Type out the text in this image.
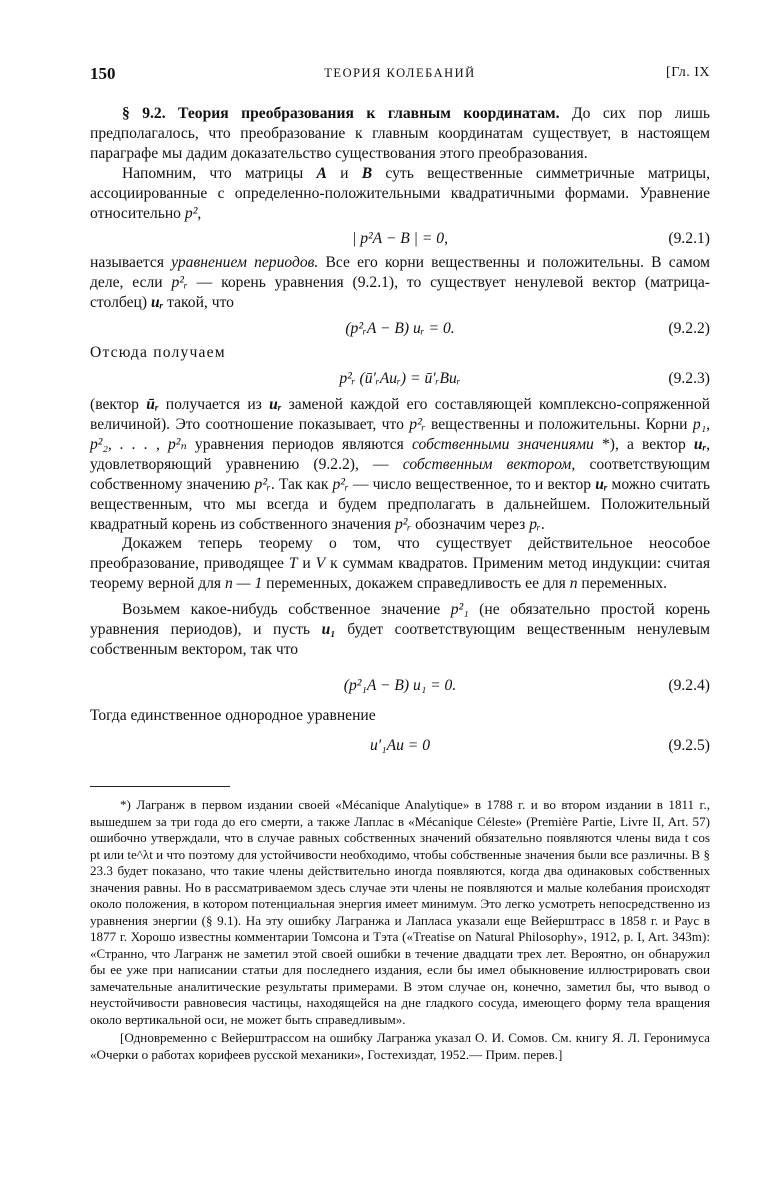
150	ТЕОРИЯ КОЛЕБАНИЙ	[Гл. IX

§ 9.2. Теория преобразования к главным координатам. До сих пор лишь предполагалось, что преобразование к главным координатам существует, в настоящем параграфе мы дадим доказательство существования этого преобразования.

Напомним, что матрицы A и B суть вещественные симметричные матрицы, ассоциированные с определенно-положительными квадратичными формами. Уравнение относительно p²,

| p²A − B | = 0,	(9.2.1)

называется уравнением периодов. Все его корни вещественны и положительны. В самом деле, если p²ᵣ — корень уравнения (9.2.1), то существует ненулевой вектор (матрица-столбец) uᵣ такой, что

(p²ᵣA − B) uᵣ = 0.	(9.2.2)

Отсюда получаем

p²ᵣ (ū′ᵣAuᵣ) = ū′ᵣBuᵣ	(9.2.3)

(вектор ūᵣ получается из uᵣ заменой каждой его составляющей комплексно-сопряженной величиной). Это соотношение показывает, что p²ᵣ вещественны и положительны. Корни p₁, p²₂, . . . , p²ₙ уравнения периодов являются собственными значениями *), а вектор uᵣ, удовлетворяющий уравнению (9.2.2), — собственным вектором, соответствующим собственному значению p²ᵣ. Так как p²ᵣ — число вещественное, то и вектор uᵣ можно считать вещественным, что мы всегда и будем предполагать в дальнейшем. Положительный квадратный корень из собственного значения p²ᵣ обозначим через pᵣ.

Докажем теперь теорему о том, что существует действительное неособое преобразование, приводящее T и V к суммам квадратов. Применим метод индукции: считая теорему верной для n — 1 переменных, докажем справедливость ее для n переменных.

Возьмем какое-нибудь собственное значение p²₁ (не обязательно простой корень уравнения периодов), и пусть u₁ будет соответствующим вещественным ненулевым собственным вектором, так что

(p²₁A − B) u₁ = 0.	(9.2.4)

Тогда единственное однородное уравнение

u′₁Au = 0	(9.2.5)

*) Лагранж в первом издании своей «Mécanique Analytique» в 1788 г. и во втором издании в 1811 г., вышедшем за три года до его смерти, а также Лаплас в «Mécanique Céleste» (Première Partie, Livre II, Art. 57) ошибочно утверждали, что в случае равных собственных значений обязательно появляются члены вида t cos pt или te^λt и что поэтому для устойчивости необходимо, чтобы собственные значения были все различны. В § 23.3 будет показано, что такие члены действительно иногда появляются, когда два одинаковых собственных значения равны. Но в рассматриваемом здесь случае эти члены не появляются и малые колебания происходят около положения, в котором потенциальная энергия имеет минимум. Это легко усмотреть непосредственно из уравнения энергии (§ 9.1). На эту ошибку Лагранжа и Лапласа указали еще Вейерштрасс в 1858 г. и Раус в 1877 г. Хорошо известны комментарии Томсона и Тэта («Treatise on Natural Philosophy», 1912, p. I, Art. 343m): «Странно, что Лагранж не заметил этой своей ошибки в течение двадцати трех лет. Вероятно, он обнаружил бы ее уже при написании статьи для последнего издания, если бы имел обыкновение иллюстрировать свои замечательные аналитические результаты примерами. В этом случае он, конечно, заметил бы, что вывод о неустойчивости равновесия частицы, находящейся на дне гладкого сосуда, имеющего форму тела вращения около вертикальной оси, не может быть справедливым».

[Одновременно с Вейерштрассом на ошибку Лагранжа указал О. И. Сомов. См. книгу Я. Л. Геронимуса «Очерки о работах корифеев русской механики», Гостехиздат, 1952.— Прим. перев.]
